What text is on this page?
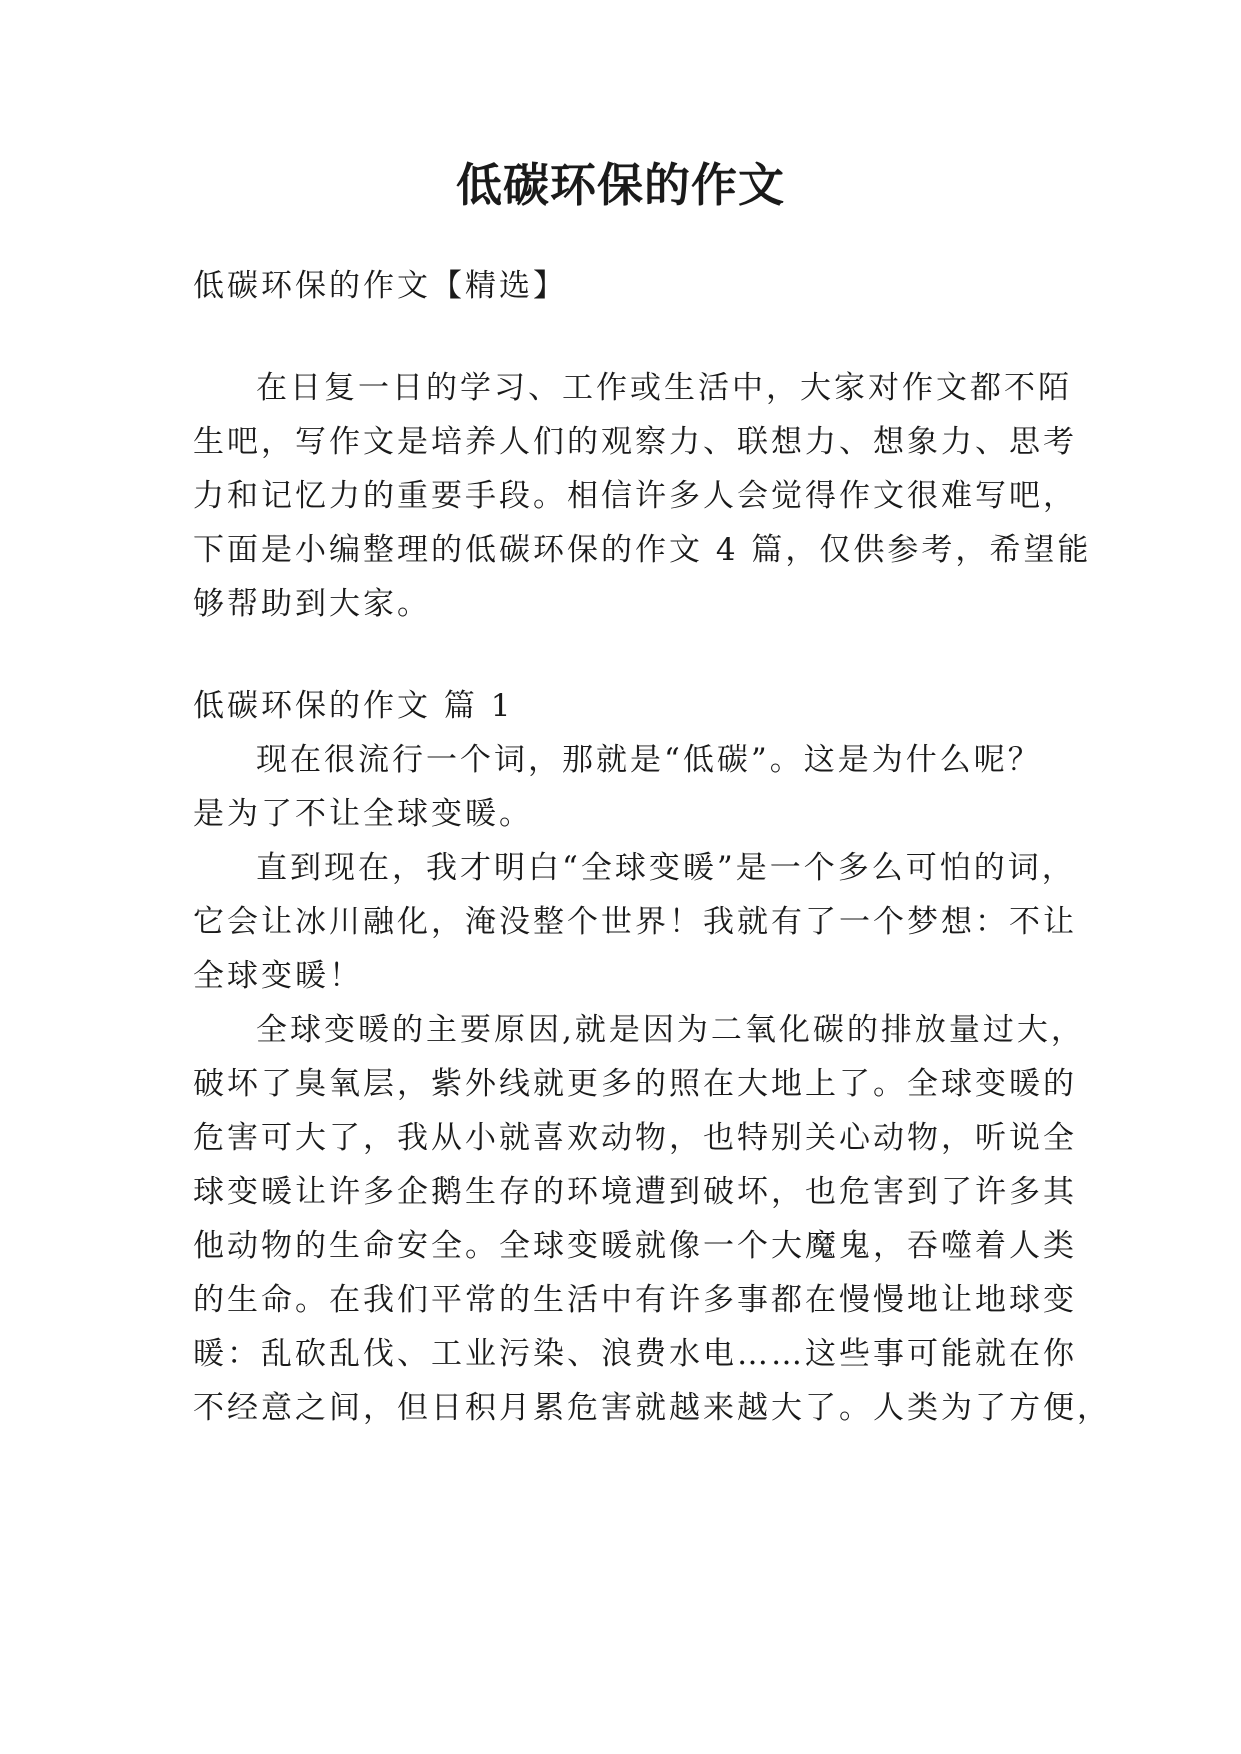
低碳环保的作文
低碳环保的作文【精选】
在日复一日的学习、工作或生活中，大家对作文都不陌
生吧，写作文是培养人们的观察力、联想力、想象力、思考
力和记忆力的重要手段。相信许多人会觉得作文很难写吧，
下面是小编整理的低碳环保的作文 4 篇，仅供参考，希望能
够帮助到大家。
低碳环保的作文 篇 1
现在很流行一个词，那就是“低碳”。这是为什么呢？
是为了不让全球变暖。
直到现在，我才明白“全球变暖”是一个多么可怕的词，
它会让冰川融化，淹没整个世界！我就有了一个梦想：不让
全球变暖！
全球变暖的主要原因,就是因为二氧化碳的排放量过大，
破坏了臭氧层，紫外线就更多的照在大地上了。全球变暖的
危害可大了，我从小就喜欢动物，也特别关心动物，听说全
球变暖让许多企鹅生存的环境遭到破坏，也危害到了许多其
他动物的生命安全。全球变暖就像一个大魔鬼，吞噬着人类
的生命。在我们平常的生活中有许多事都在慢慢地让地球变
暖：乱砍乱伐、工业污染、浪费水电……这些事可能就在你
不经意之间，但日积月累危害就越来越大了。人类为了方便，
